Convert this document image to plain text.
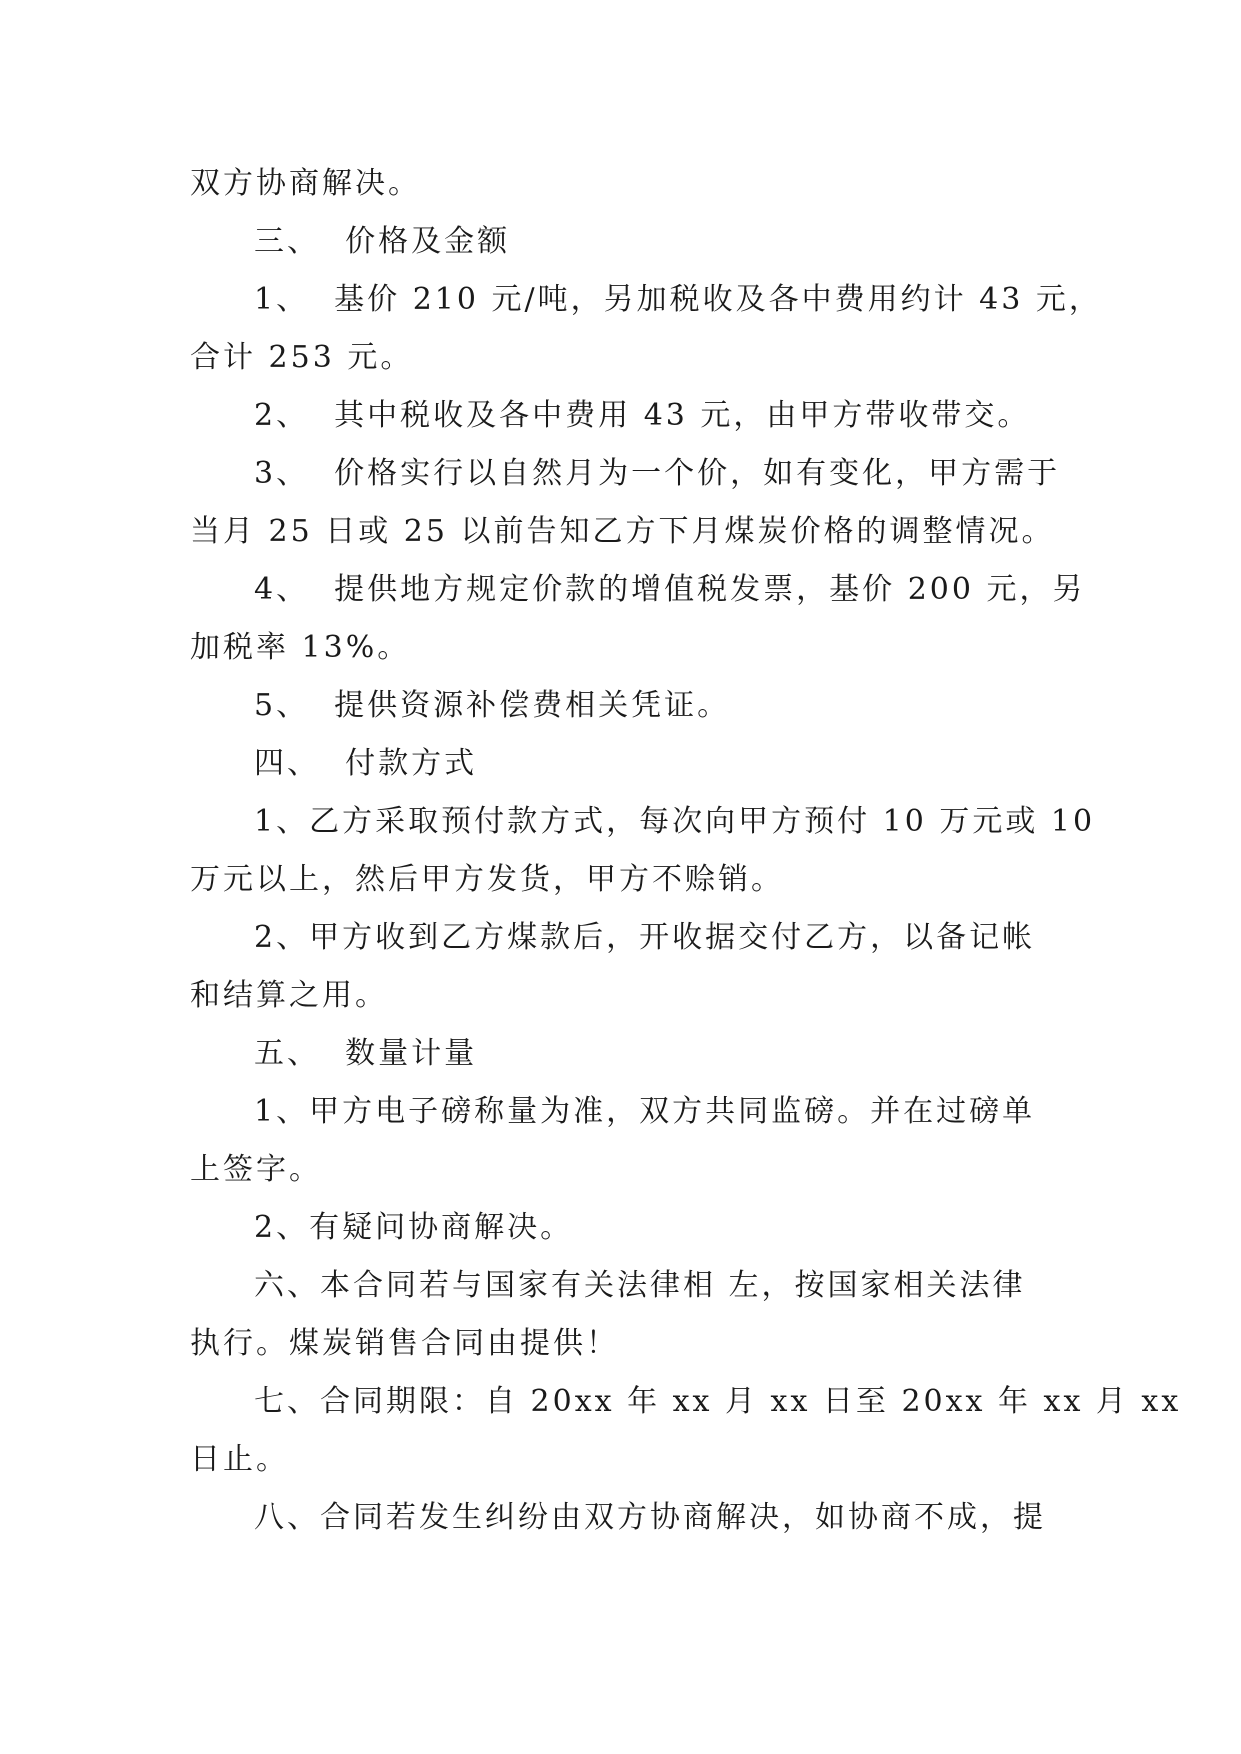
双方协商解决。
三、  价格及金额
1、  基价 210 元/吨，另加税收及各中费用约计 43 元，
合计 253 元。
2、  其中税收及各中费用 43 元，由甲方带收带交。
3、  价格实行以自然月为一个价，如有变化，甲方需于
当月 25 日或 25 以前告知乙方下月煤炭价格的调整情况。
4、  提供地方规定价款的增值税发票，基价 200 元，另
加税率 13%。
5、  提供资源补偿费相关凭证。
四、  付款方式
1、乙方采取预付款方式，每次向甲方预付 10 万元或 10
万元以上，然后甲方发货，甲方不赊销。
2、甲方收到乙方煤款后，开收据交付乙方，以备记帐
和结算之用。
五、  数量计量
1、甲方电子磅称量为准，双方共同监磅。并在过磅单
上签字。
2、有疑问协商解决。
六、本合同若与国家有关法律相 左，按国家相关法律
执行。煤炭销售合同由提供！
七、合同期限：自 20xx 年 xx 月 xx 日至 20xx 年 xx 月 xx
日止。
八、合同若发生纠纷由双方协商解决，如协商不成，提
